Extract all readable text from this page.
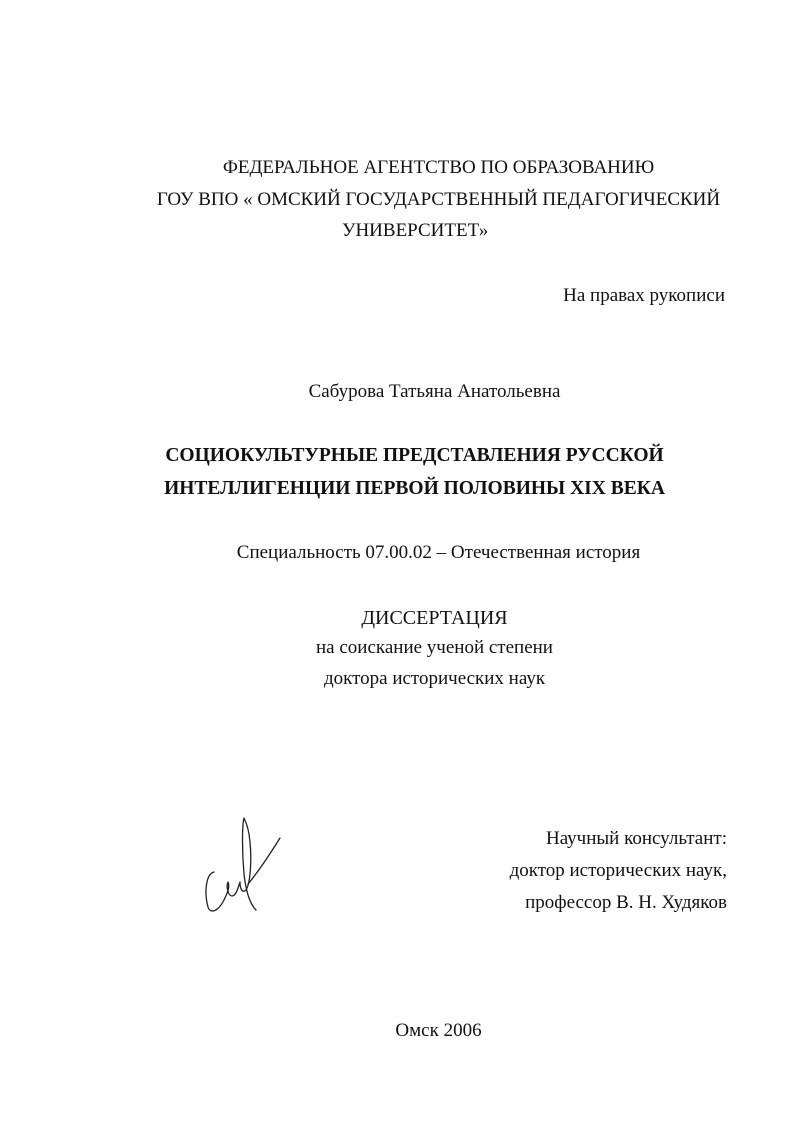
ФЕДЕРАЛЬНОЕ АГЕНТСТВО ПО ОБРАЗОВАНИЮ
ГОУ ВПО « ОМСКИЙ ГОСУДАРСТВЕННЫЙ ПЕДАГОГИЧЕСКИЙ
УНИВЕРСИТЕТ»
На правах рукописи
Сабурова Татьяна Анатольевна
СОЦИОКУЛЬТУРНЫЕ ПРЕДСТАВЛЕНИЯ РУССКОЙ
ИНТЕЛЛИГЕНЦИИ ПЕРВОЙ ПОЛОВИНЫ XIX ВЕКА
Специальность 07.00.02 – Отечественная история
ДИССЕРТАЦИЯ
на соискание ученой степени
доктора исторических наук
Научный консультант:
доктор исторических наук,
профессор В. Н. Худяков
Омск 2006
